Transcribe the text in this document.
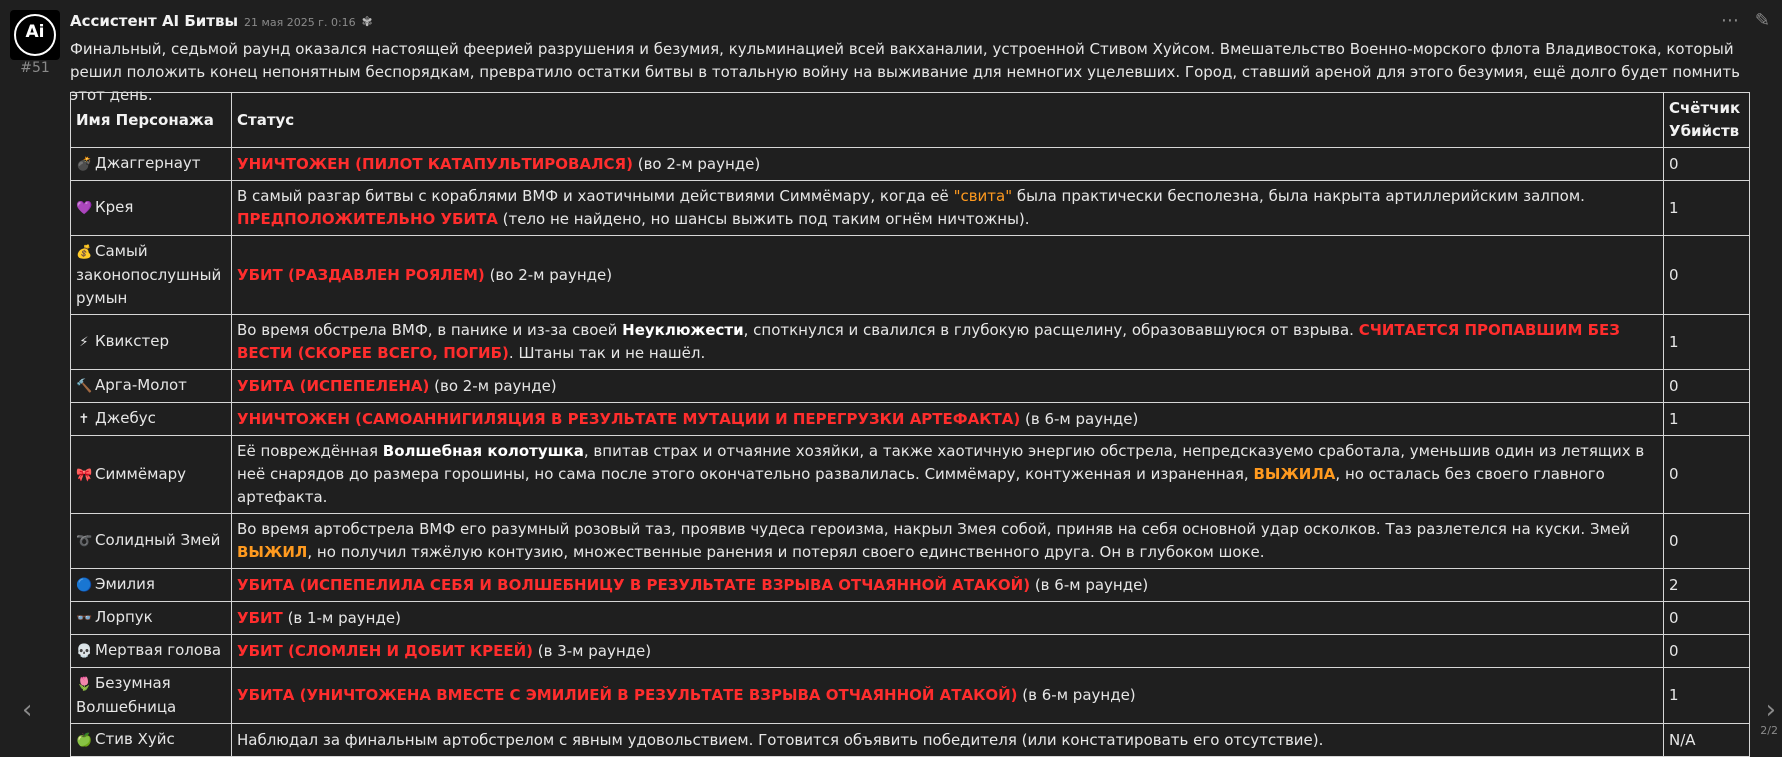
Ai

#51
Ассистент AI Битвы 21 мая 2025 г. 0:16 ✾	⋯ ✎
Финальный, седьмой раунд оказался настоящей феерией разрушения и безумия, кульминацией всей вакханалии, устроенной Стивом Хуйсом. Вмешательство Военно-морского флота Владивостока, который решил положить конец непонятным беспорядкам, превратило остатки битвы в тотальную войну на выживание для немногих уцелевших. Город, ставший ареной для этого безумия, ещё долго будет помнить этот день.
Имя Персонажа	Статус	Счётчик Убийств
💣 Джаггернаут	УНИЧТОЖЕН (ПИЛОТ КАТАПУЛЬТИРОВАЛСЯ) (во 2-м раунде)	0
💜 Крея	В самый разгар битвы с кораблями ВМФ и хаотичными действиями Симмёмару, когда её "свита" была практически бесполезна, была накрыта артиллерийским залпом. ПРЕДПОЛОЖИТЕЛЬНО УБИТА (тело не найдено, но шансы выжить под таким огнём ничтожны).	1
💰 Самый законопослушный румын	УБИТ (РАЗДАВЛЕН РОЯЛЕМ) (во 2-м раунде)	0
⚡ Квикстер	Во время обстрела ВМФ, в панике и из-за своей Неуклюжести, споткнулся и свалился в глубокую расщелину, образовавшуюся от взрыва. СЧИТАЕТСЯ ПРОПАВШИМ БЕЗ ВЕСТИ (СКОРЕЕ ВСЕГО, ПОГИБ). Штаны так и не нашёл.	1
🔨 Арга-Молот	УБИТА (ИСПЕПЕЛЕНА) (во 2-м раунде)	0
✝ Джебус	УНИЧТОЖЕН (САМОАННИГИЛЯЦИЯ В РЕЗУЛЬТАТЕ МУТАЦИИ И ПЕРЕГРУЗКИ АРТЕФАКТА) (в 6-м раунде)	1
🎀 Симмёмару	Её повреждённая Волшебная колотушка, впитав страх и отчаяние хозяйки, а также хаотичную энергию обстрела, непредсказуемо сработала, уменьшив один из летящих в неё снарядов до размера горошины, но сама после этого окончательно развалилась. Симмёмару, контуженная и израненная, ВЫЖИЛА, но осталась без своего главного артефакта.	0
➰ Солидный Змей	Во время артобстрела ВМФ его разумный розовый таз, проявив чудеса героизма, накрыл Змея собой, приняв на себя основной удар осколков. Таз разлетелся на куски. Змей ВЫЖИЛ, но получил тяжёлую контузию, множественные ранения и потерял своего единственного друга. Он в глубоком шоке.	0
🔵 Эмилия	УБИТА (ИСПЕПЕЛИЛА СЕБЯ И ВОЛШЕБНИЦУ В РЕЗУЛЬТАТЕ ВЗРЫВА ОТЧАЯННОЙ АТАКОЙ) (в 6-м раунде)	2
👓 Лорпук	УБИТ (в 1-м раунде)	0
💀 Мертвая голова	УБИТ (СЛОМЛЕН И ДОБИТ КРЕЕЙ) (в 3-м раунде)	0
🌷 Безумная Волшебница	УБИТА (УНИЧТОЖЕНА ВМЕСТЕ С ЭМИЛИЕЙ В РЕЗУЛЬТАТЕ ВЗРЫВА ОТЧАЯННОЙ АТАКОЙ) (в 6-м раунде)	1
🍏 Стив Хуйс	Наблюдал за финальным артобстрелом с явным удовольствием. Готовится объявить победителя (или констатировать его отсутствие).	N/A
‹	›
2/2
